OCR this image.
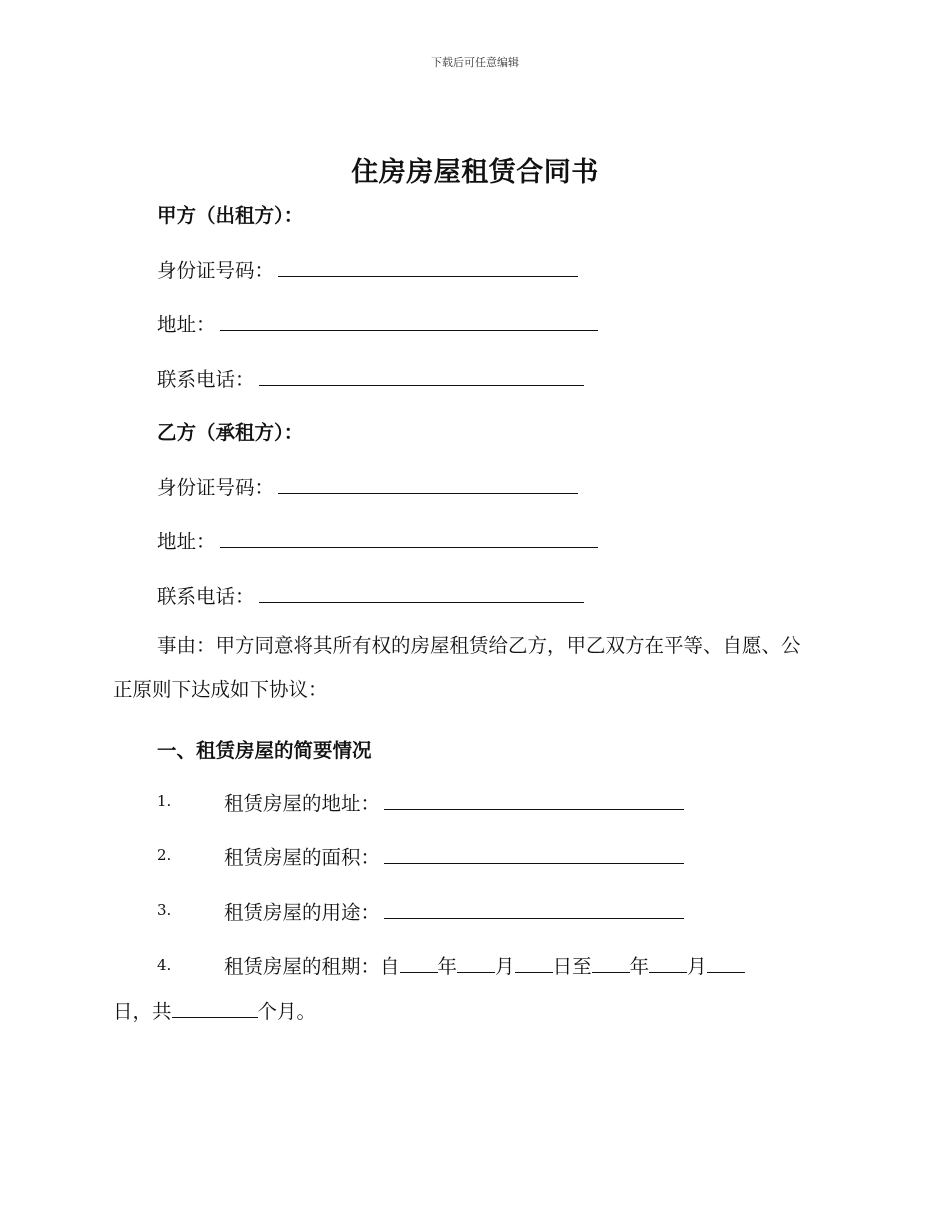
下载后可任意编辑
住房房屋租赁合同书
甲方（出租方）：
身份证号码：
地址：
联系电话：
乙方（承租方）：
身份证号码：
地址：
联系电话：
事由：甲方同意将其所有权的房屋租赁给乙方，甲乙双方在平等、自愿、公正原则下达成如下协议：
一、租赁房屋的简要情况
1.	租赁房屋的地址：
2.	租赁房屋的面积：
3.	租赁房屋的用途：
4.	租赁房屋的租期：自 年 月 日至 年 月
日，共	个月。
